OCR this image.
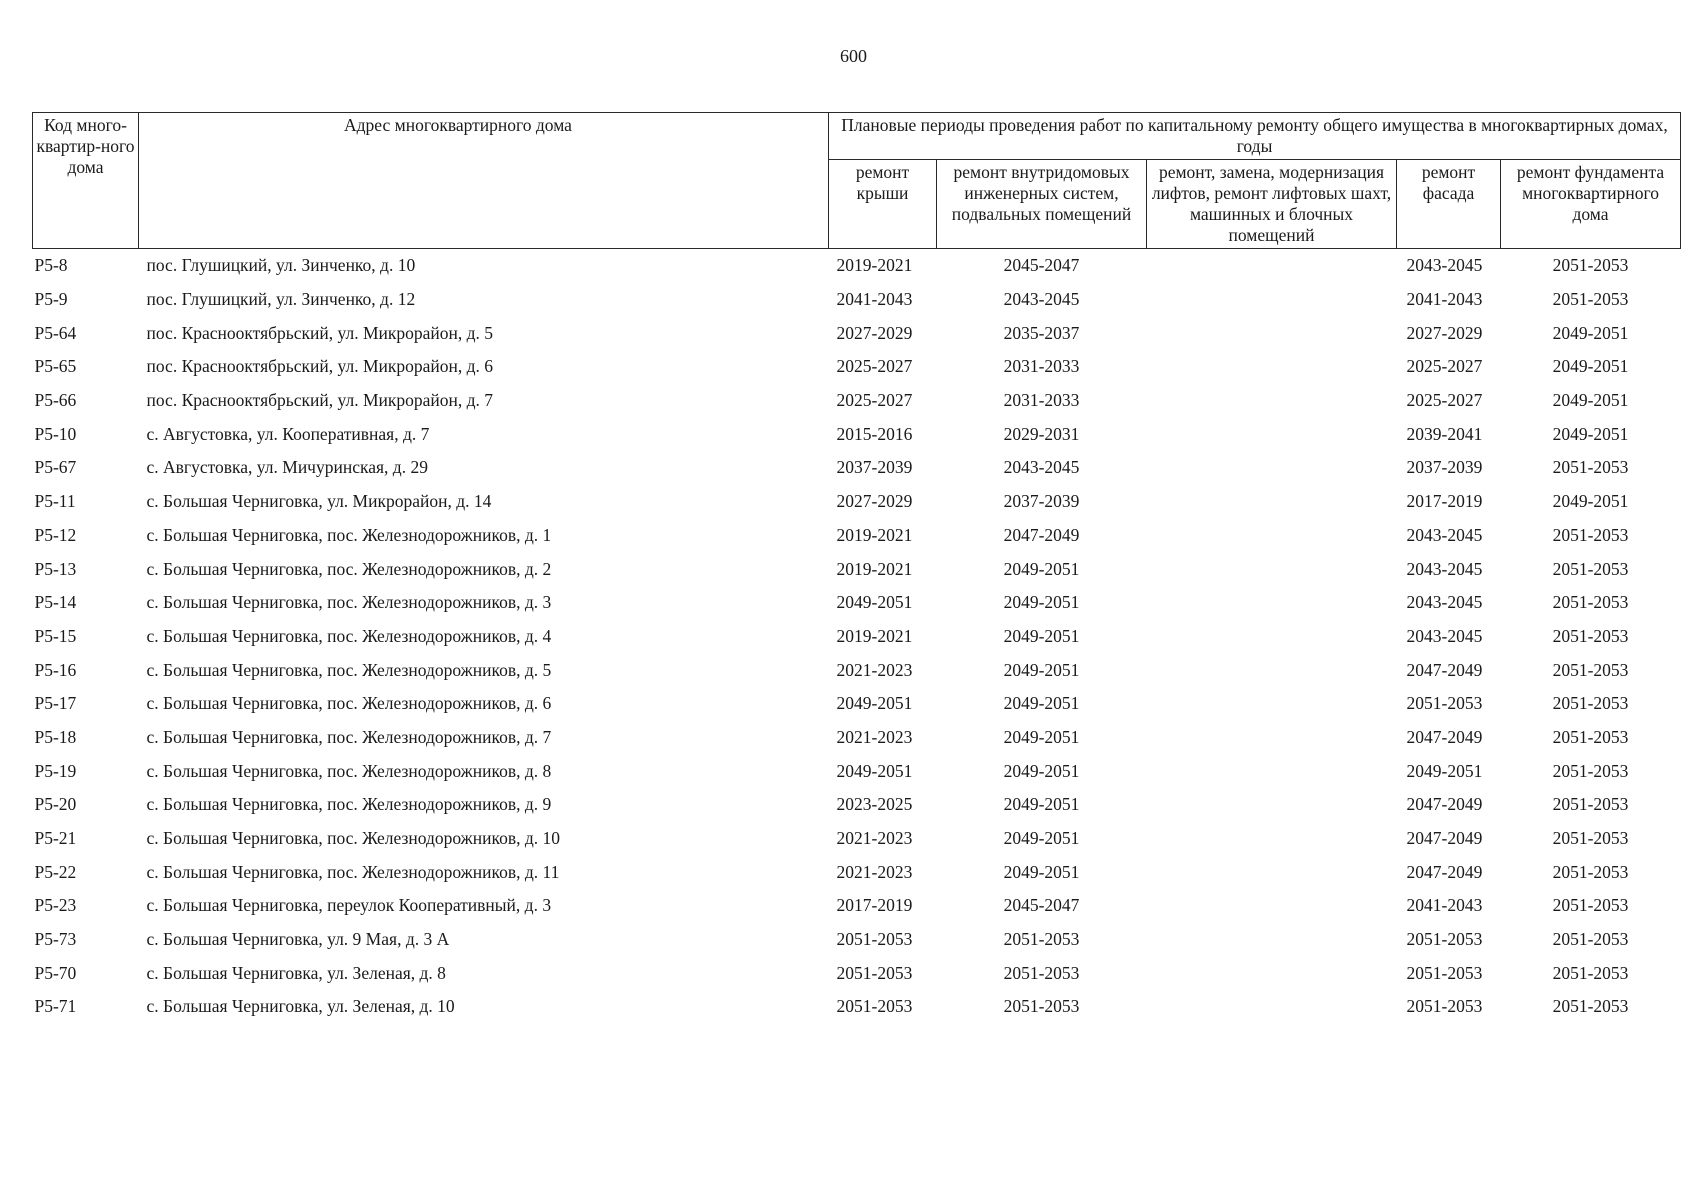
600
Код много-квартир-ного дома	Адрес многоквартирного дома	Плановые периоды проведения работ по капитальному ремонту общего имущества в многоквартирных домах, годы				
		ремонт крыши	ремонт внутридомовых инженерных систем, подвальных помещений	ремонт, замена, модернизация лифтов, ремонт лифтовых шахт, машинных и блочных помещений	ремонт фасада	ремонт фундамента многоквартирного дома
Р5-8	пос. Глушицкий, ул. Зинченко, д. 10	2019-2021	2045-2047		2043-2045	2051-2053
Р5-9	пос. Глушицкий, ул. Зинченко, д. 12	2041-2043	2043-2045		2041-2043	2051-2053
Р5-64	пос. Краснооктябрьский, ул. Микрорайон, д. 5	2027-2029	2035-2037		2027-2029	2049-2051
Р5-65	пос. Краснооктябрьский, ул. Микрорайон, д. 6	2025-2027	2031-2033		2025-2027	2049-2051
Р5-66	пос. Краснооктябрьский, ул. Микрорайон, д. 7	2025-2027	2031-2033		2025-2027	2049-2051
Р5-10	с. Августовка, ул. Кооперативная, д. 7	2015-2016	2029-2031		2039-2041	2049-2051
Р5-67	с. Августовка, ул. Мичуринская, д. 29	2037-2039	2043-2045		2037-2039	2051-2053
Р5-11	с. Большая Черниговка, ул. Микрорайон, д. 14	2027-2029	2037-2039		2017-2019	2049-2051
Р5-12	с. Большая Черниговка, пос. Железнодорожников, д. 1	2019-2021	2047-2049		2043-2045	2051-2053
Р5-13	с. Большая Черниговка, пос. Железнодорожников, д. 2	2019-2021	2049-2051		2043-2045	2051-2053
Р5-14	с. Большая Черниговка, пос. Железнодорожников, д. 3	2049-2051	2049-2051		2043-2045	2051-2053
Р5-15	с. Большая Черниговка, пос. Железнодорожников, д. 4	2019-2021	2049-2051		2043-2045	2051-2053
Р5-16	с. Большая Черниговка, пос. Железнодорожников, д. 5	2021-2023	2049-2051		2047-2049	2051-2053
Р5-17	с. Большая Черниговка, пос. Железнодорожников, д. 6	2049-2051	2049-2051		2051-2053	2051-2053
Р5-18	с. Большая Черниговка, пос. Железнодорожников, д. 7	2021-2023	2049-2051		2047-2049	2051-2053
Р5-19	с. Большая Черниговка, пос. Железнодорожников, д. 8	2049-2051	2049-2051		2049-2051	2051-2053
Р5-20	с. Большая Черниговка, пос. Железнодорожников, д. 9	2023-2025	2049-2051		2047-2049	2051-2053
Р5-21	с. Большая Черниговка, пос. Железнодорожников, д. 10	2021-2023	2049-2051		2047-2049	2051-2053
Р5-22	с. Большая Черниговка, пос. Железнодорожников, д. 11	2021-2023	2049-2051		2047-2049	2051-2053
Р5-23	с. Большая Черниговка, переулок Кооперативный, д. 3	2017-2019	2045-2047		2041-2043	2051-2053
Р5-73	с. Большая Черниговка, ул. 9 Мая, д. 3 А	2051-2053	2051-2053		2051-2053	2051-2053
Р5-70	с. Большая Черниговка, ул. Зеленая, д. 8	2051-2053	2051-2053		2051-2053	2051-2053
Р5-71	с. Большая Черниговка, ул. Зеленая, д. 10	2051-2053	2051-2053		2051-2053	2051-2053
